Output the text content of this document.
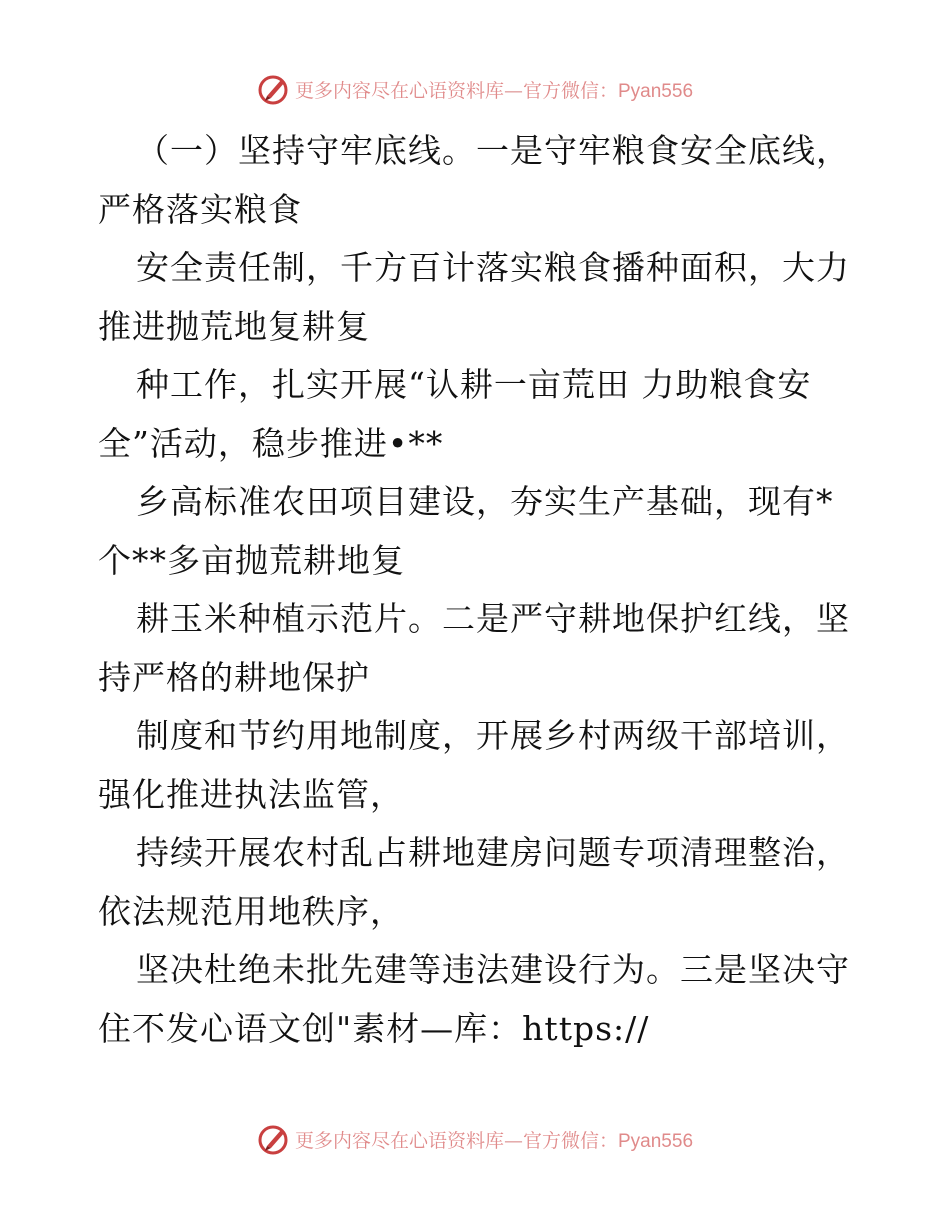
更多内容尽在心语资料库—官方微信：Pyan556
（一）坚持守牢底线。一是守牢粮食安全底线，
严格落实粮食
安全责任制，千方百计落实粮食播种面积，大力
推进抛荒地复耕复
种工作，扎实开展“认耕一亩荒田 力助粮食安
全”活动，稳步推进•**
乡高标准农田项目建设，夯实生产基础，现有*
个**多亩抛荒耕地复
耕玉米种植示范片。二是严守耕地保护红线，坚
持严格的耕地保护
制度和节约用地制度，开展乡村两级干部培训，
强化推进执法监管，
持续开展农村乱占耕地建房问题专项清理整治，
依法规范用地秩序，
坚决杜绝未批先建等违法建设行为。三是坚决守
住不发心语文创"素材—库：https://
更多内容尽在心语资料库—官方微信：Pyan556
